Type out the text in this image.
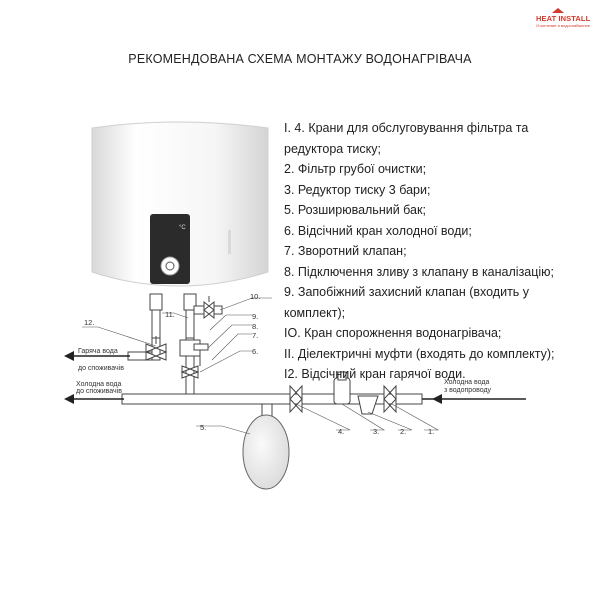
HEAT INSTALL
Отопление и водоснабжение
РЕКОМЕНДОВАНА СХЕМА МОНТАЖУ ВОДОНАГРІВАЧА
°C
Гаряча вода
до споживачів
Холодна вода
до споживачів
Холодна вода
з водопроводу
12.
11.
10.
9.
8.
7.
6.
5.	4.	3.	2.	1.
І. 4. Крани для обслуговування фільтра та редуктора тиску;
2. Фільтр грубої очистки;
3. Редуктор тиску 3 бари;
5. Розширювальний бак;
6. Відсічний кран холодної води;
7. Зворотний клапан;
8. Підключення зливу з клапану в каналізацію;
9. Запобіжний захисний клапан (входить у комплект);
ІО. Кран спорожнення водонагрівача;
ІІ. Діелектричні муфти (входять до комплекту);
І2. Відсічний кран гарячої води.
